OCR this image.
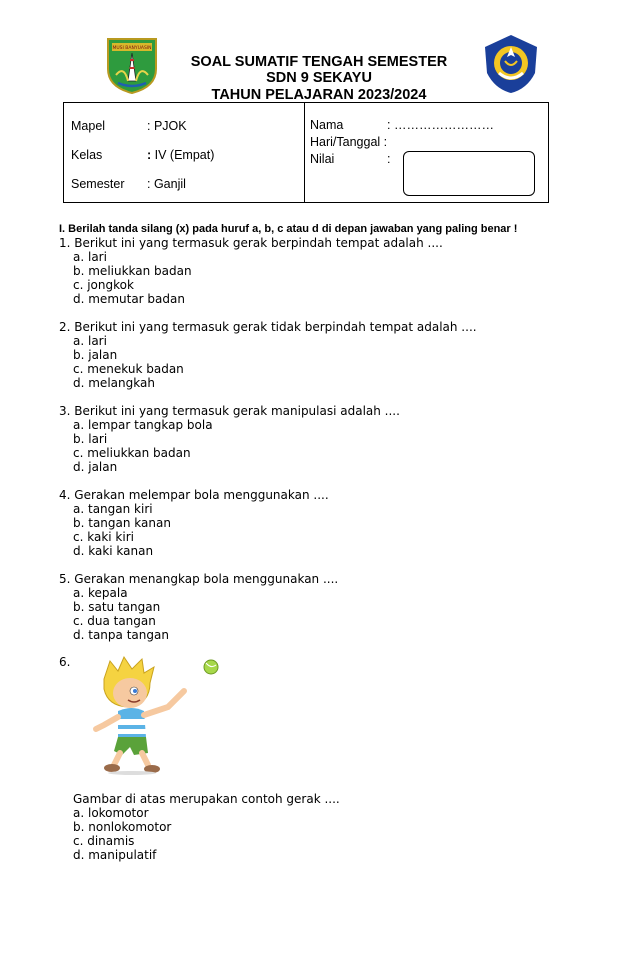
MUSI BANYUASIN
SOAL SUMATIF TENGAH SEMESTER
SDN 9 SEKAYU
TAHUN PELAJARAN 2023/2024
Mapel	: PJOK
Kelas	: IV (Empat)
Semester : Ganjil
Nama	: ……………………
Hari/Tanggal :
Nilai	:
I. Berilah tanda silang (x) pada huruf a, b, c atau d di depan jawaban yang paling benar !
1. Berikut ini yang termasuk gerak berpindah tempat adalah ....
a. lari
b. meliukkan badan
c. jongkok
d. memutar badan
2. Berikut ini yang termasuk gerak tidak berpindah tempat adalah ....
a. lari
b. jalan
c. menekuk badan
d. melangkah
3. Berikut ini yang termasuk gerak manipulasi adalah ....
a. lempar tangkap bola
b. lari
c. meliukkan badan
d. jalan
4. Gerakan melempar bola menggunakan ....
a. tangan kiri
b. tangan kanan
c. kaki kiri
d. kaki kanan
5. Gerakan menangkap bola menggunakan ....
a. kepala
b. satu tangan
c. dua tangan
d. tanpa tangan
6.
Gambar di atas merupakan contoh gerak ....
a. lokomotor
b. nonlokomotor
c. dinamis
d. manipulatif
